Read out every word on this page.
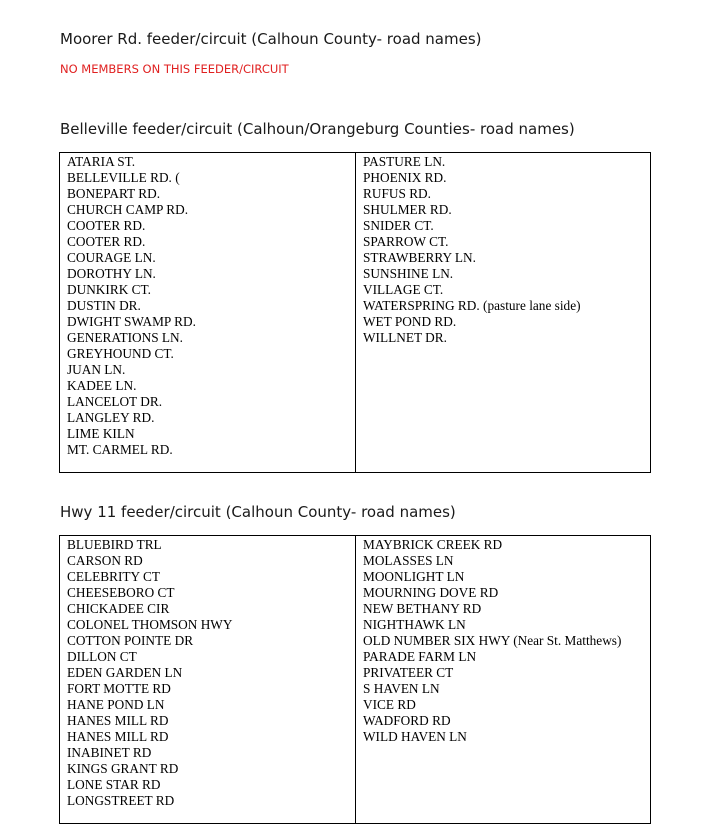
Moorer Rd. feeder/circuit (Calhoun County- road names)
NO MEMBERS ON THIS FEEDER/CIRCUIT
Belleville feeder/circuit (Calhoun/Orangeburg Counties- road names)
ATARIA ST.
BELLEVILLE RD. (
BONEPART RD.
CHURCH CAMP RD.
COOTER RD.
COOTER RD.
COURAGE LN.
DOROTHY LN.
DUNKIRK CT.
DUSTIN DR.
DWIGHT SWAMP RD.
GENERATIONS LN.
GREYHOUND CT.
JUAN LN.
KADEE LN.
LANCELOT DR.
LANGLEY RD.
LIME KILN
MT. CARMEL RD.
PASTURE LN.
PHOENIX RD.
RUFUS RD.
SHULMER RD.
SNIDER CT.
SPARROW CT.
STRAWBERRY LN.
SUNSHINE LN.
VILLAGE CT.
WATERSPRING RD. (pasture lane side)
WET POND RD.
WILLNET DR.
Hwy 11 feeder/circuit (Calhoun County- road names)
BLUEBIRD TRL
CARSON RD
CELEBRITY CT
CHEESEBORO CT
CHICKADEE CIR
COLONEL THOMSON HWY
COTTON POINTE DR
DILLON CT
EDEN GARDEN LN
FORT MOTTE RD
HANE POND LN
HANES MILL RD
HANES MILL RD
INABINET RD
KINGS GRANT RD
LONE STAR RD
LONGSTREET RD
MAYBRICK CREEK RD
MOLASSES LN
MOONLIGHT LN
MOURNING DOVE RD
NEW BETHANY RD
NIGHTHAWK LN
OLD NUMBER SIX HWY (Near St. Matthews)
PARADE FARM LN
PRIVATEER CT
S HAVEN LN
VICE RD
WADFORD RD
WILD HAVEN LN
